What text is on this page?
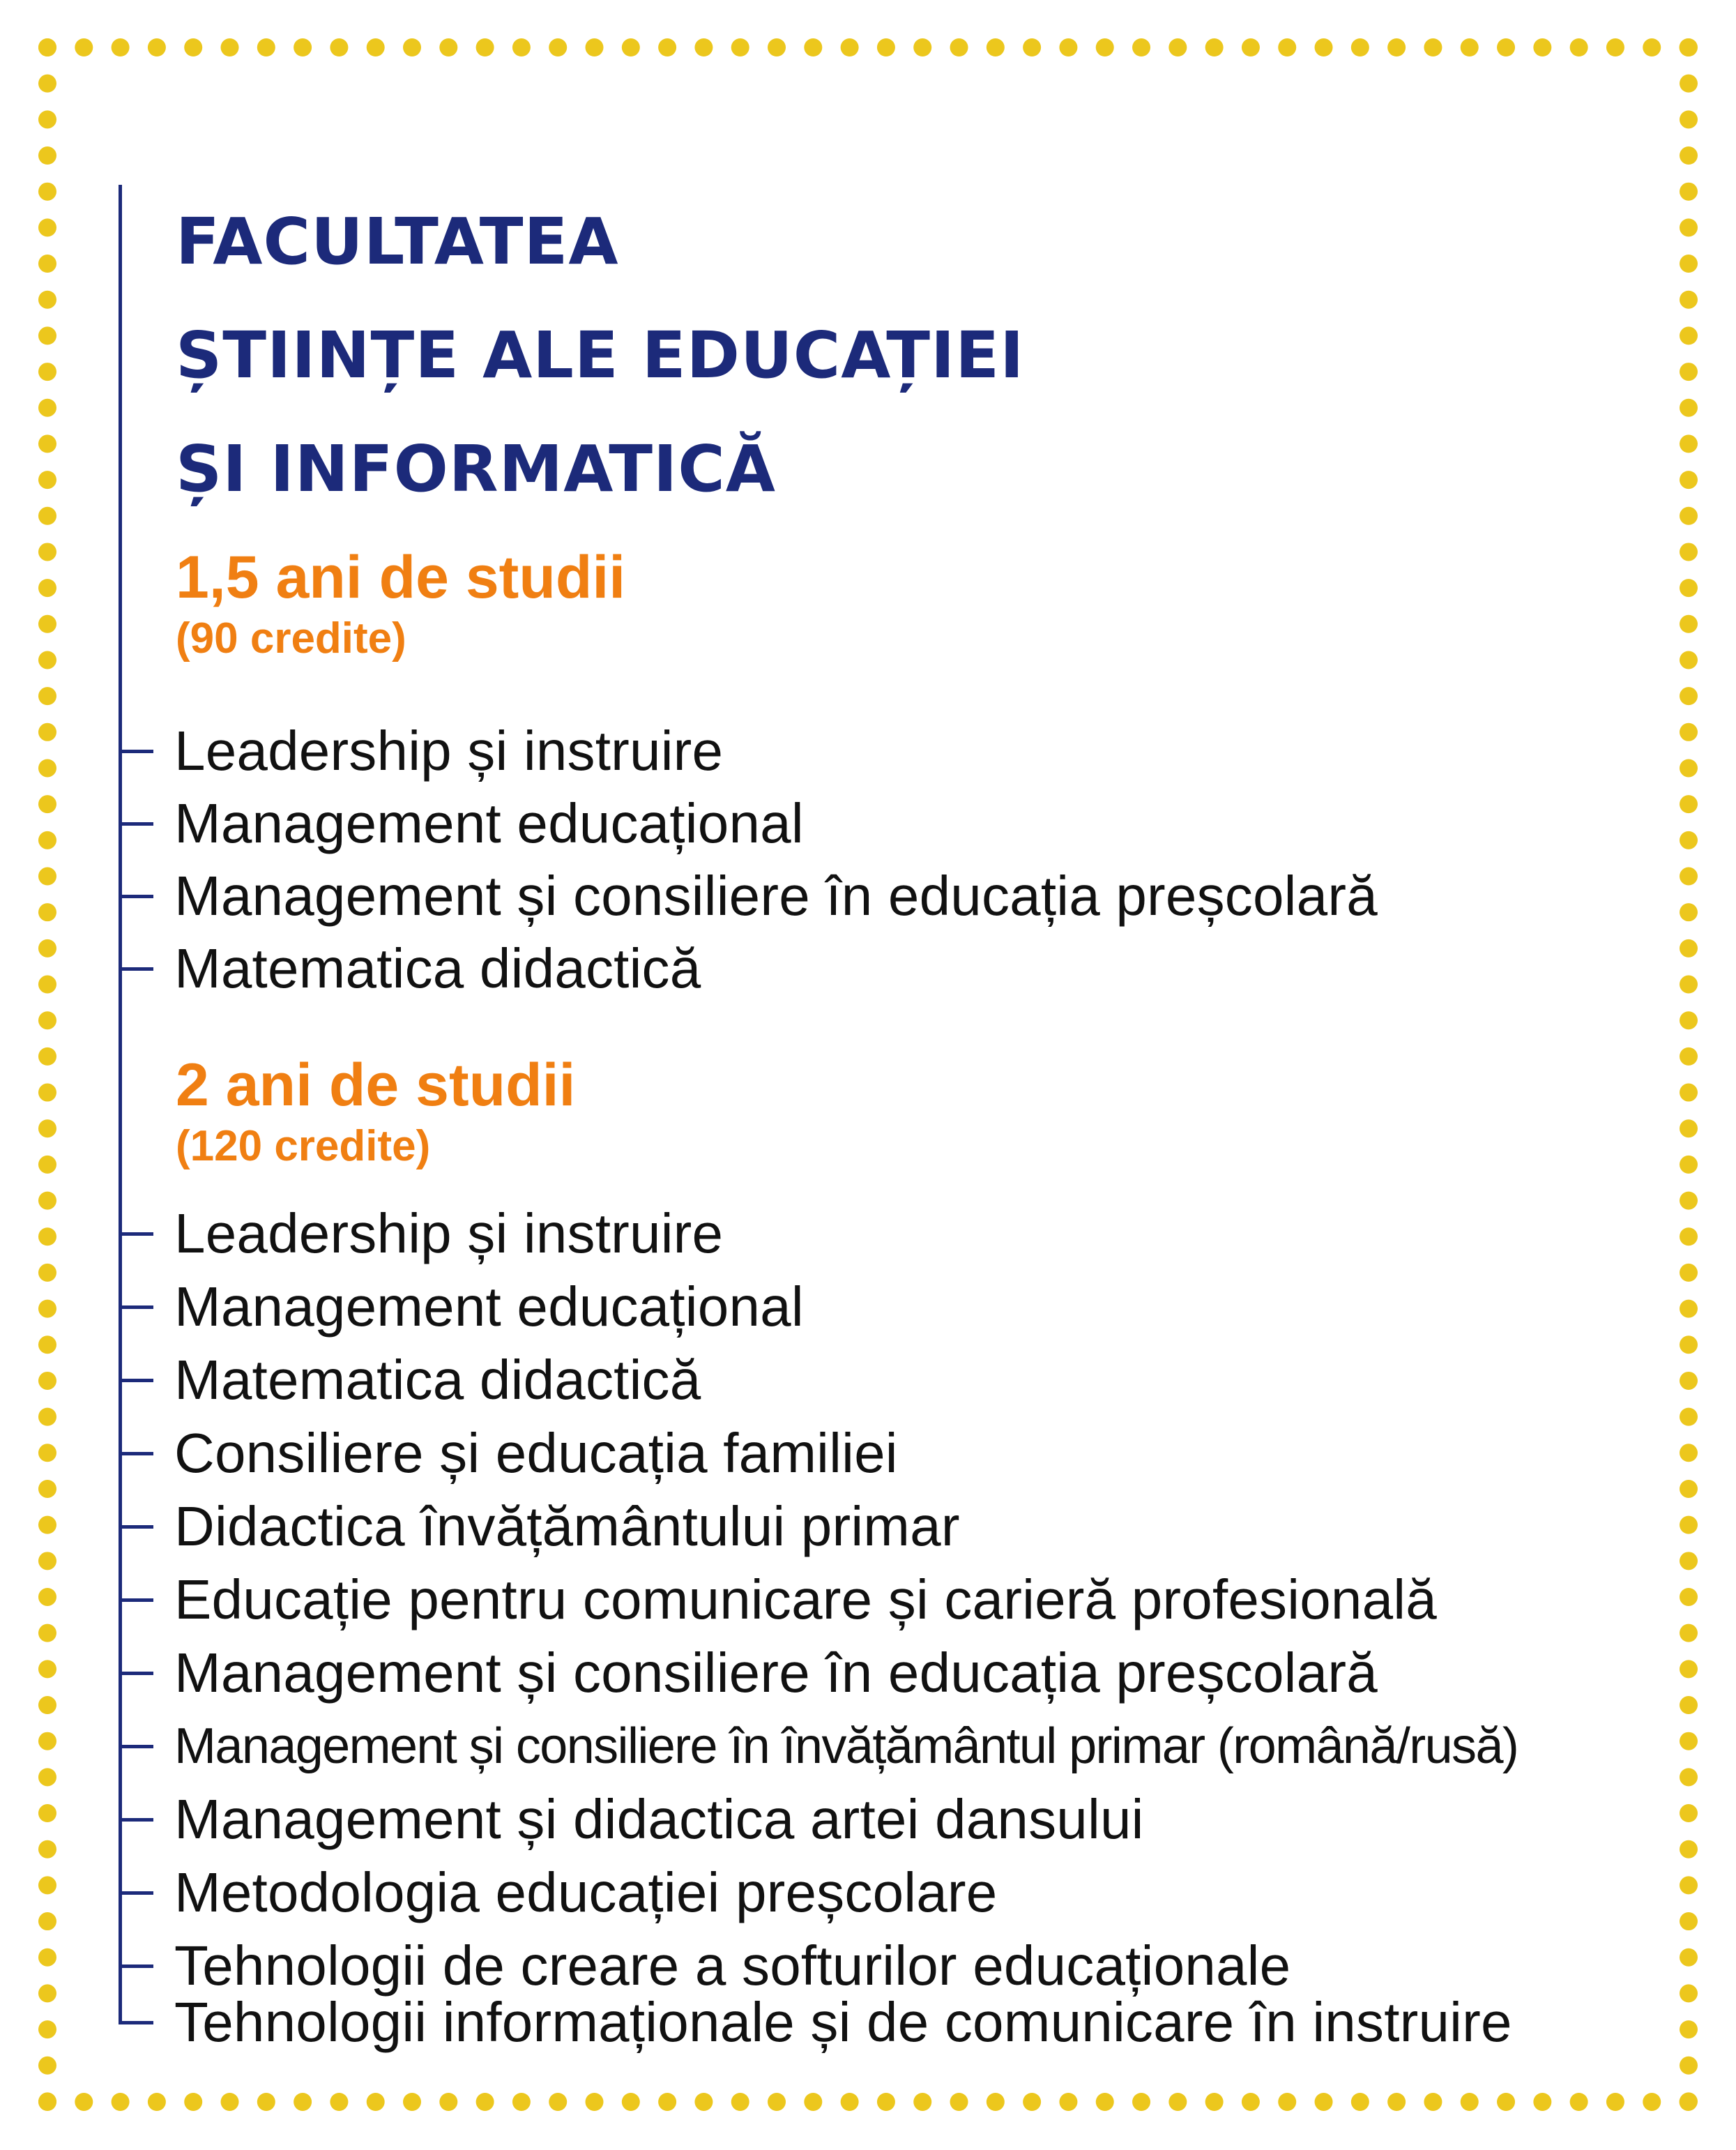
FACULTATEA
ȘTIINȚE ALE EDUCAȚIEI
ȘI INFORMATICĂ
1,5 ani de studii
(90 credite)
Leadership și instruire
Management educațional
Management și consiliere în educația preșcolară
Matematica didactică
2 ani de studii
(120 credite)
Leadership și instruire
Management educațional
Matematica didactică
Consiliere și educația familiei
Didactica învățământului primar
Educație pentru comunicare și carieră profesională
Management și consiliere în educația preșcolară
Management și consiliere în învățământul primar (română/rusă)
Management și didactica artei dansului
Metodologia educației preșcolare
Tehnologii de creare a softurilor educaționale
Tehnologii informaționale și de comunicare în instruire
